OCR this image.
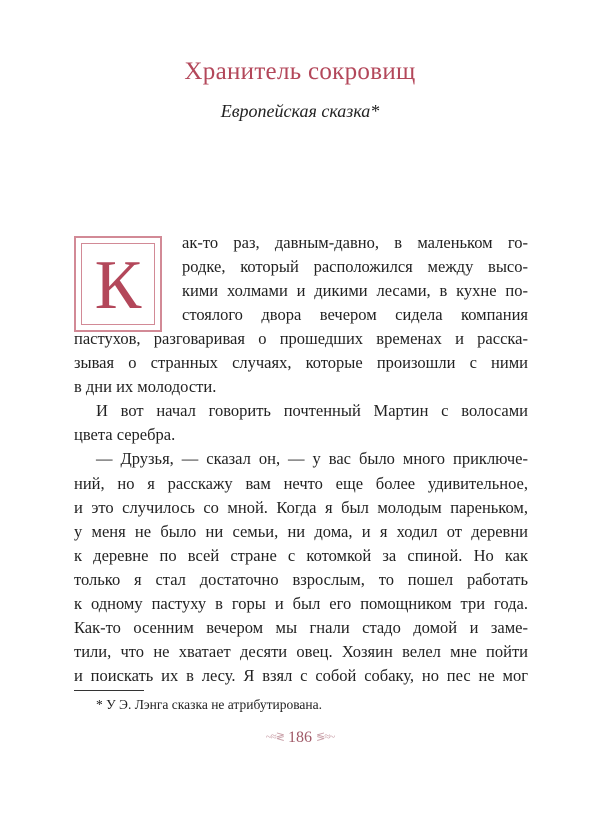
Хранитель сокровищ
Европейская сказка*
К
ак-то раз, давным-давно, в маленьком го-
родке, который расположился между высо-
кими холмами и дикими лесами, в кухне по-
стоялого двора вечером сидела компания
пастухов, разговаривая о прошедших временах и расска-
зывая о странных случаях, которые произошли с ними
в дни их молодости.
И вот начал говорить почтенный Мартин с волосами
цвета серебра.
— Друзья, — сказал он, — у вас было много приключе-
ний, но я расскажу вам нечто еще более удивительное,
и это случилось со мной. Когда я был молодым пареньком,
у меня не было ни семьи, ни дома, и я ходил от деревни
к деревне по всей стране с котомкой за спиной. Но как
только я стал достаточно взрослым, то пошел работать
к одному пастуху в горы и был его помощником три года.
Как-то осенним вечером мы гнали стадо домой и заме-
тили, что не хватает десяти овец. Хозяин велел мне пойти
и поискать их в лесу. Я взял с собой собаку, но пес не мог
* У Э. Лэнга сказка не атрибутирована.
~≈≷ 186 ≶≈~
